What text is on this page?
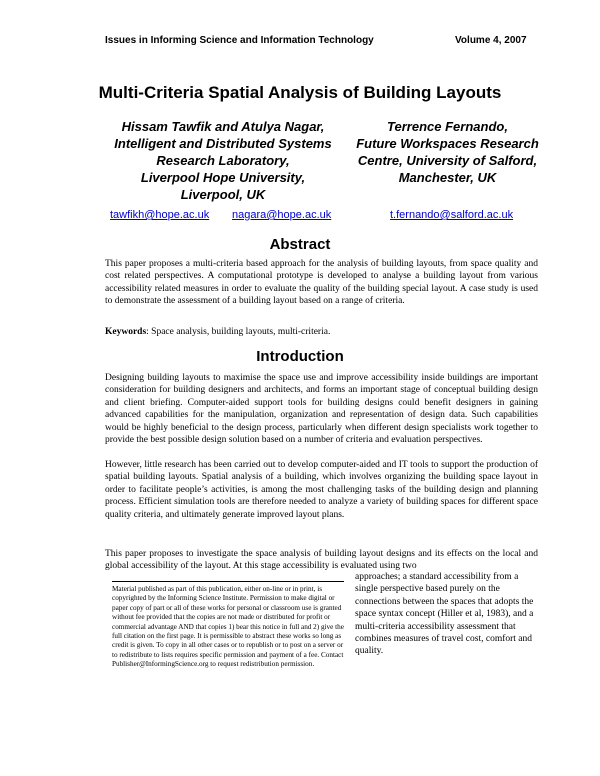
Issues in Informing Science and Information Technology	Volume 4, 2007
Multi-Criteria Spatial Analysis of Building Layouts
Hissam Tawfik and Atulya Nagar,
Intelligent and Distributed Systems
Research Laboratory,
Liverpool Hope University,
Liverpool, UK
Terrence Fernando,
Future Workspaces Research
Centre, University of Salford,
Manchester, UK
tawfikh@hope.ac.uk nagara@hope.ac.uk	t.fernando@salford.ac.uk
Abstract
This paper proposes a multi-criteria based approach for the analysis of building layouts, from space quality and cost related perspectives. A computational prototype is developed to analyse a building layout from various accessibility related measures in order to evaluate the quality of the building special layout. A case study is used to demonstrate the assessment of a building layout based on a range of criteria.
Keywords: Space analysis, building layouts, multi-criteria.
Introduction
Designing building layouts to maximise the space use and improve accessibility inside buildings are important consideration for building designers and architects, and forms an important stage of conceptual building design and client briefing. Computer-aided support tools for building designs could benefit designers in gaining advanced capabilities for the manipulation, organization and representation of design data. Such capabilities would be highly beneficial to the design process, particularly when different design specialists work together to provide the best possible design solution based on a number of criteria and evaluation perspectives.
However, little research has been carried out to develop computer-aided and IT tools to support the production of spatial building layouts. Spatial analysis of a building, which involves organizing the building space layout in order to facilitate people’s activities, is among the most challenging tasks of the building design and planning process. Efficient simulation tools are therefore needed to analyze a variety of building spaces for different space quality criteria, and ultimately generate improved layout plans.
This paper proposes to investigate the space analysis of building layout designs and its effects on the local and global accessibility of the layout. At this stage accessibility is evaluated using two
Material published as part of this publication, either on-line or in print, is copyrighted by the Informing Science Institute. Permission to make digital or paper copy of part or all of these works for personal or classroom use is granted without fee provided that the copies are not made or distributed for profit or commercial advantage AND that copies 1) bear this notice in full and 2) give the full citation on the first page. It is permissible to abstract these works so long as credit is given. To copy in all other cases or to republish or to post on a server or to redistribute to lists requires specific permission and payment of a fee. Contact Publisher@InformingScience.org to request redistribution permission.
approaches; a standard accessibility from a single perspective based purely on the connections between the spaces that adopts the space syntax concept (Hiller et al, 1983), and a multi-criteria accessibility assessment that combines measures of travel cost, comfort and quality.
